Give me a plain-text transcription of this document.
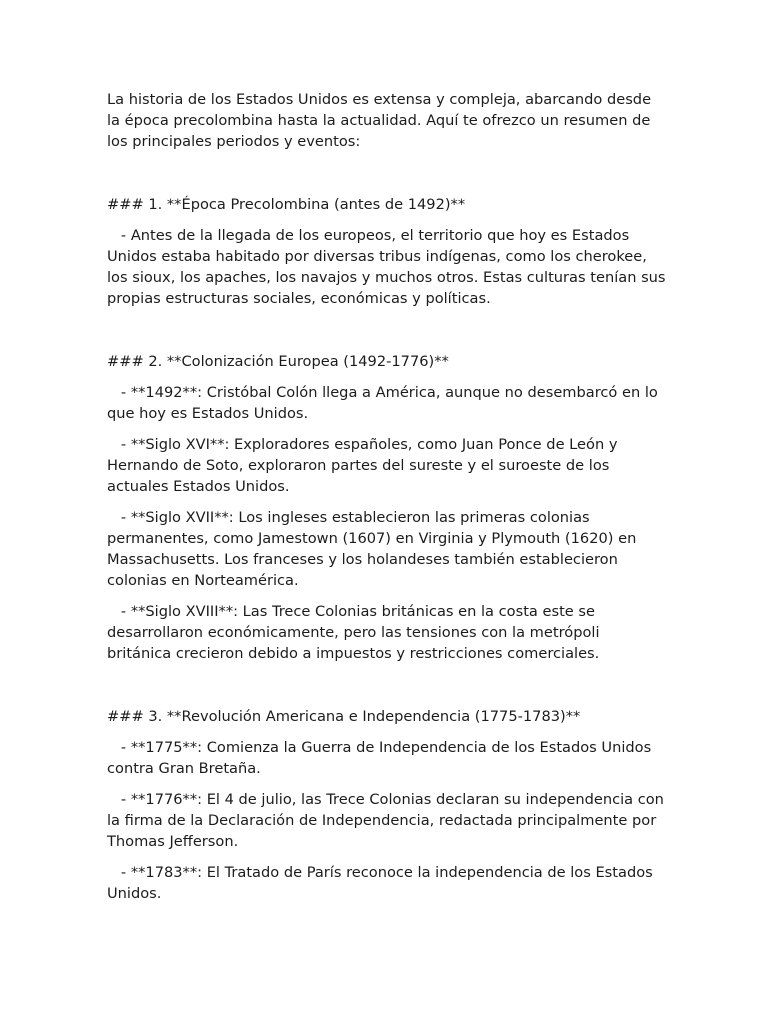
La historia de los Estados Unidos es extensa y compleja, abarcando desde la época precolombina hasta la actualidad. Aquí te ofrezco un resumen de los principales periodos y eventos:

### 1. **Época Precolombina (antes de 1492)**

- Antes de la llegada de los europeos, el territorio que hoy es Estados Unidos estaba habitado por diversas tribus indígenas, como los cherokee, los sioux, los apaches, los navajos y muchos otros. Estas culturas tenían sus propias estructuras sociales, económicas y políticas.

### 2. **Colonización Europea (1492-1776)**

- **1492**: Cristóbal Colón llega a América, aunque no desembarcó en lo que hoy es Estados Unidos.

- **Siglo XVI**: Exploradores españoles, como Juan Ponce de León y Hernando de Soto, exploraron partes del sureste y el suroeste de los actuales Estados Unidos.

- **Siglo XVII**: Los ingleses establecieron las primeras colonias permanentes, como Jamestown (1607) en Virginia y Plymouth (1620) en Massachusetts. Los franceses y los holandeses también establecieron colonias en Norteamérica.

- **Siglo XVIII**: Las Trece Colonias británicas en la costa este se desarrollaron económicamente, pero las tensiones con la metrópoli británica crecieron debido a impuestos y restricciones comerciales.

### 3. **Revolución Americana e Independencia (1775-1783)**

- **1775**: Comienza la Guerra de Independencia de los Estados Unidos contra Gran Bretaña.

- **1776**: El 4 de julio, las Trece Colonias declaran su independencia con la firma de la Declaración de Independencia, redactada principalmente por Thomas Jefferson.

- **1783**: El Tratado de París reconoce la independencia de los Estados Unidos.
